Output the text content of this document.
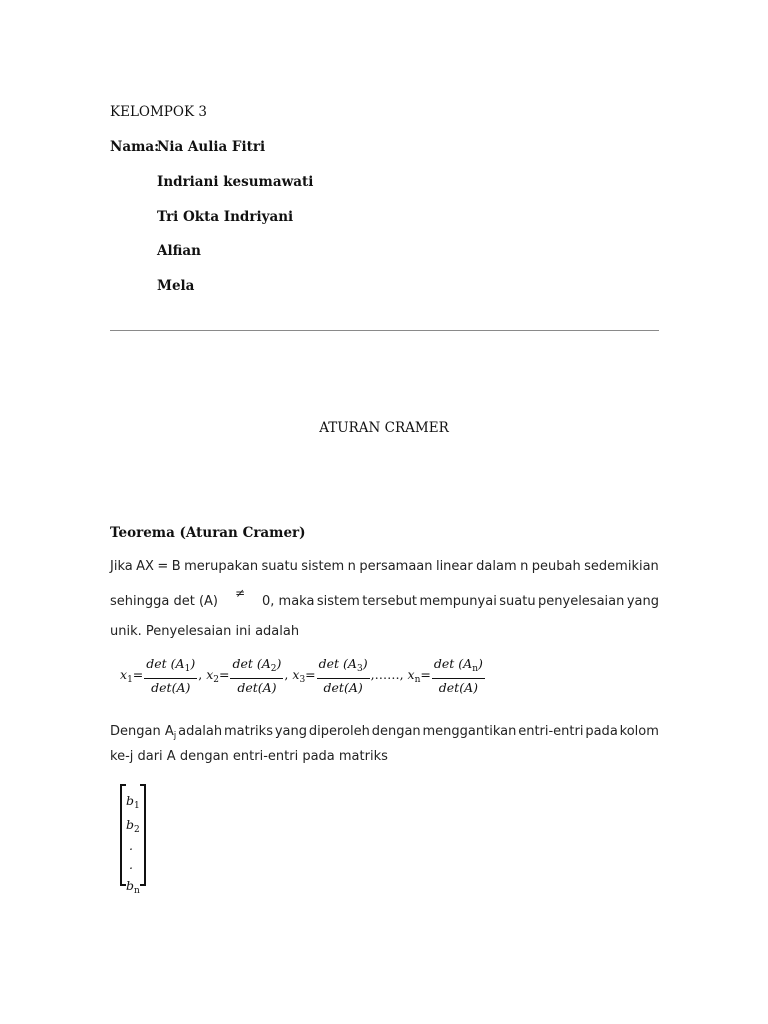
KELOMPOK 3
Nama:
Nia Aulia Fitri
Indriani kesumawati
Tri Okta Indriyani
Alfian
Mela
ATURAN CRAMER
Teorema (Aturan Cramer)
Jika AX = B merupakan suatu sistem n persamaan linear dalam n peubah sedemikian
sehingga det (A)
≠
0, maka sistem tersebut mempunyai suatu penyelesaian yang
unik. Penyelesaian ini adalah
$x_1= \frac{\det (A_1)}{\det(A)}$ , $x_2= \frac{\det (A_2)}{\det(A)}$ , $x_3= \frac{\det (A_3)}{\det(A)}$ ,……, $x_n= \frac{\det (A_n)}{\det(A)}$
Dengan $A_j$ adalah matriks yang diperoleh dengan menggantikan entri-entri pada kolom
ke-j dari A dengan entri-entri pada matriks
$b_1$
$b_2$
.
.
$b_n$
